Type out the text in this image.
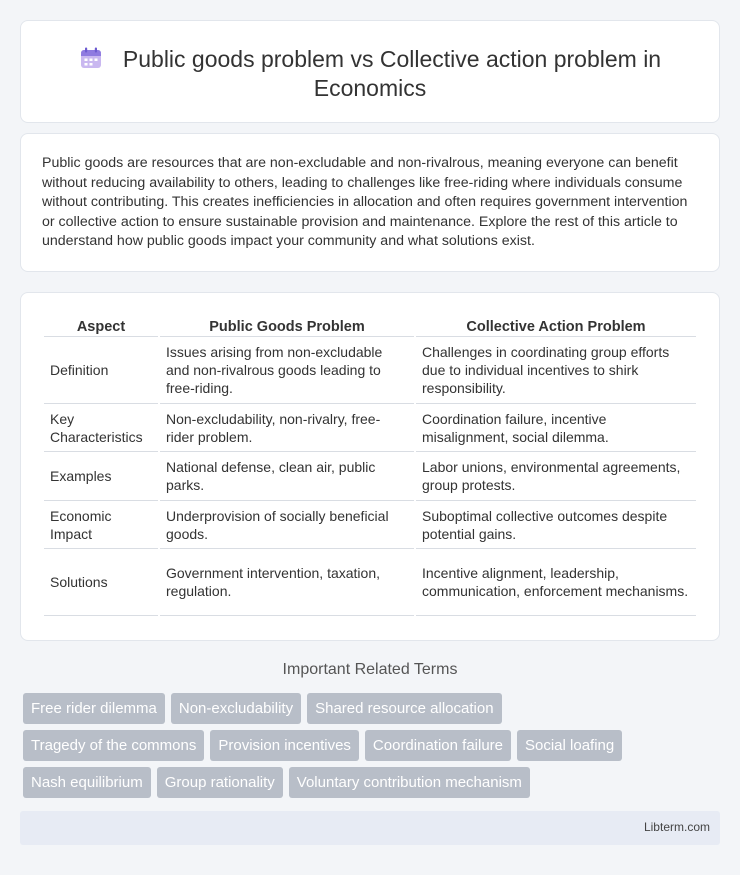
Public goods problem vs Collective action problem in Economics

Public goods are resources that are non-excludable and non-rivalrous, meaning everyone can benefit without reducing availability to others, leading to challenges like free-riding where individuals consume without contributing. This creates inefficiencies in allocation and often requires government intervention or collective action to ensure sustainable provision and maintenance. Explore the rest of this article to understand how public goods impact your community and what solutions exist.

Aspect	Public Goods Problem	Collective Action Problem
Definition	Issues arising from non-excludable and non-rivalrous goods leading to free-riding.	Challenges in coordinating group efforts due to individual incentives to shirk responsibility.
Key Characteristics	Non-excludability, non-rivalry, free-rider problem.	Coordination failure, incentive misalignment, social dilemma.
Examples	National defense, clean air, public parks.	Labor unions, environmental agreements, group protests.
Economic Impact	Underprovision of socially beneficial goods.	Suboptimal collective outcomes despite potential gains.
Solutions	Government intervention, taxation, regulation.	Incentive alignment, leadership, communication, enforcement mechanisms.
Important Related Terms
Free rider dilemma	Non-excludability	Shared resource allocation
Tragedy of the commons	Provision incentives	Coordination failure	Social loafing
Nash equilibrium	Group rationality	Voluntary contribution mechanism
Libterm.com
